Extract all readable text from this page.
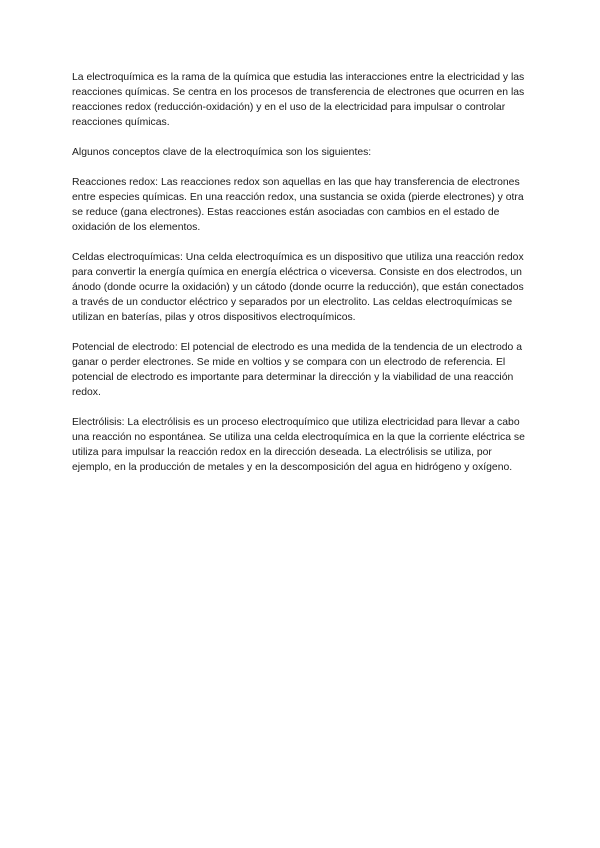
La electroquímica es la rama de la química que estudia las interacciones entre la electricidad y las reacciones químicas. Se centra en los procesos de transferencia de electrones que ocurren en las reacciones redox (reducción-oxidación) y en el uso de la electricidad para impulsar o controlar reacciones químicas.

Algunos conceptos clave de la electroquímica son los siguientes:

Reacciones redox: Las reacciones redox son aquellas en las que hay transferencia de electrones entre especies químicas. En una reacción redox, una sustancia se oxida (pierde electrones) y otra se reduce (gana electrones). Estas reacciones están asociadas con cambios en el estado de oxidación de los elementos.

Celdas electroquímicas: Una celda electroquímica es un dispositivo que utiliza una reacción redox para convertir la energía química en energía eléctrica o viceversa. Consiste en dos electrodos, un ánodo (donde ocurre la oxidación) y un cátodo (donde ocurre la reducción), que están conectados a través de un conductor eléctrico y separados por un electrolito. Las celdas electroquímicas se utilizan en baterías, pilas y otros dispositivos electroquímicos.

Potencial de electrodo: El potencial de electrodo es una medida de la tendencia de un electrodo a ganar o perder electrones. Se mide en voltios y se compara con un electrodo de referencia. El potencial de electrodo es importante para determinar la dirección y la viabilidad de una reacción redox.

Electrólisis: La electrólisis es un proceso electroquímico que utiliza electricidad para llevar a cabo una reacción no espontánea. Se utiliza una celda electroquímica en la que la corriente eléctrica se utiliza para impulsar la reacción redox en la dirección deseada. La electrólisis se utiliza, por ejemplo, en la producción de metales y en la descomposición del agua en hidrógeno y oxígeno.
